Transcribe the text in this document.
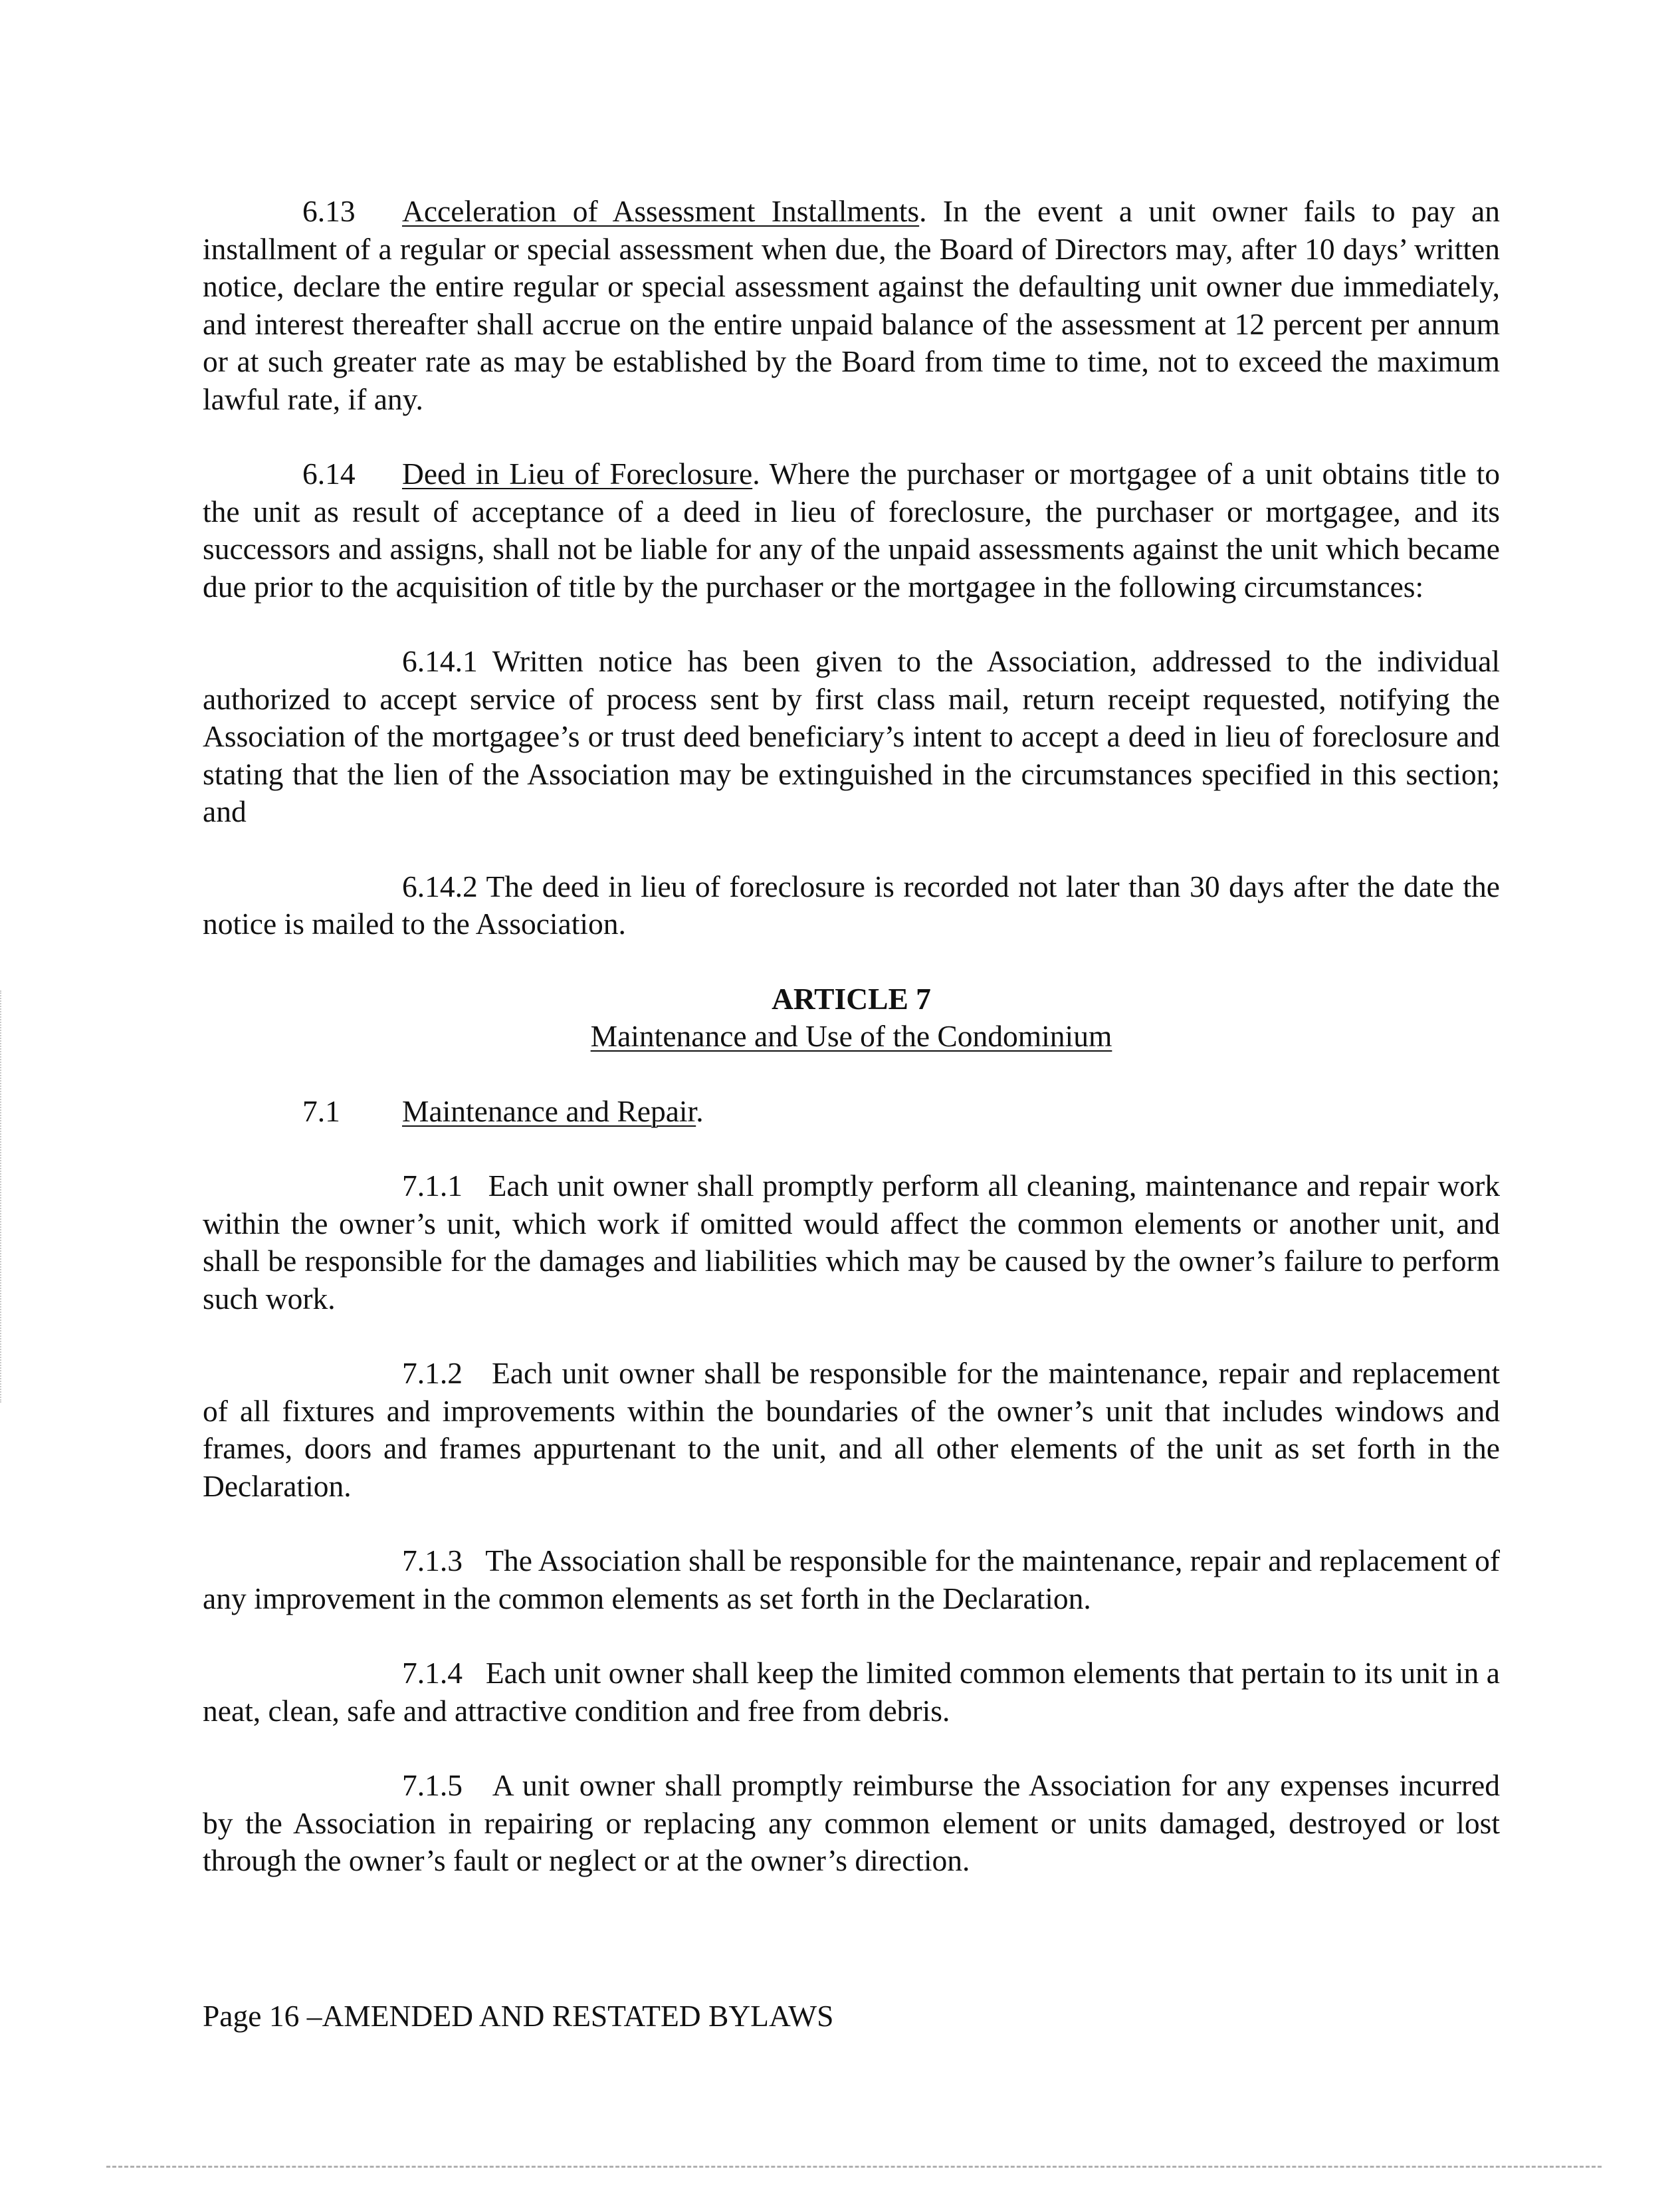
6.13 Acceleration of Assessment Installments. In the event a unit owner fails to pay an installment of a regular or special assessment when due, the Board of Directors may, after 10 days’ written notice, declare the entire regular or special assessment against the defaulting unit owner due immediately, and interest thereafter shall accrue on the entire unpaid balance of the assessment at 12 percent per annum or at such greater rate as may be established by the Board from time to time, not to exceed the maximum lawful rate, if any.

6.14 Deed in Lieu of Foreclosure. Where the purchaser or mortgagee of a unit obtains title to the unit as result of acceptance of a deed in lieu of foreclosure, the purchaser or mortgagee, and its successors and assigns, shall not be liable for any of the unpaid assessments against the unit which became due prior to the acquisition of title by the purchaser or the mortgagee in the following circumstances:

6.14.1 Written notice has been given to the Association, addressed to the individual authorized to accept service of process sent by first class mail, return receipt requested, notifying the Association of the mortgagee’s or trust deed beneficiary’s intent to accept a deed in lieu of foreclosure and stating that the lien of the Association may be extinguished in the circumstances specified in this section; and

6.14.2 The deed in lieu of foreclosure is recorded not later than 30 days after the date the notice is mailed to the Association.

ARTICLE 7
Maintenance and Use of the Condominium
7.1 Maintenance and Repair.

7.1.1 Each unit owner shall promptly perform all cleaning, maintenance and repair work within the owner’s unit, which work if omitted would affect the common elements or another unit, and shall be responsible for the damages and liabilities which may be caused by the owner’s failure to perform such work.

7.1.2 Each unit owner shall be responsible for the maintenance, repair and replacement of all fixtures and improvements within the boundaries of the owner’s unit that includes windows and frames, doors and frames appurtenant to the unit, and all other elements of the unit as set forth in the Declaration.

7.1.3 The Association shall be responsible for the maintenance, repair and replacement of any improvement in the common elements as set forth in the Declaration.

7.1.4 Each unit owner shall keep the limited common elements that pertain to its unit in a neat, clean, safe and attractive condition and free from debris.

7.1.5 A unit owner shall promptly reimburse the Association for any expenses incurred by the Association in repairing or replacing any common element or units damaged, destroyed or lost through the owner’s fault or neglect or at the owner’s direction.

Page 16 –AMENDED AND RESTATED BYLAWS
